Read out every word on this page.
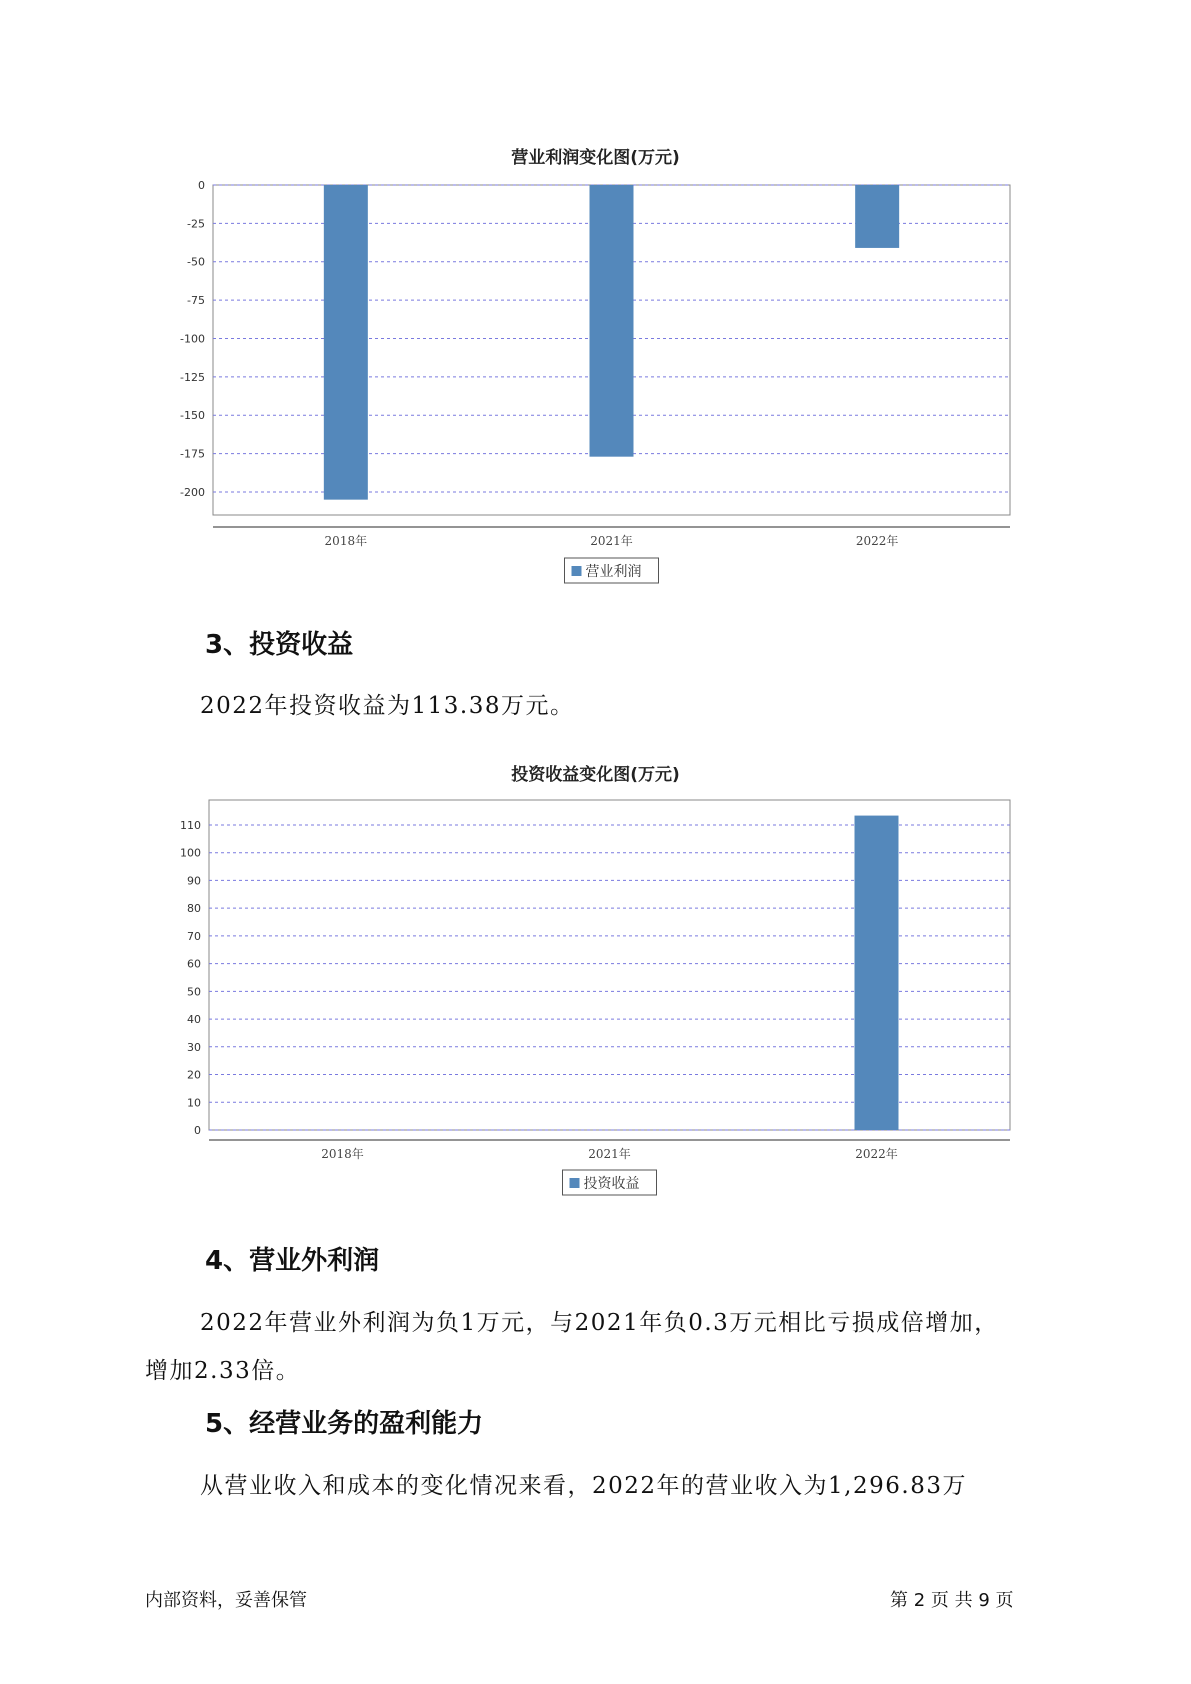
营业利润变化图(万元)
0
-25
-50
-75
-100
-125
-150
-175
-200
2018年	2021年	2022年
营业利润
3、投资收益
2022年投资收益为113.38万元。
投资收益变化图(万元)
0
10
20
30
40
50
60
70
80
90
100
110
2018年	2021年	2022年
投资收益
4、营业外利润
2022年营业外利润为负1万元，与2021年负0.3万元相比亏损成倍增加，
增加2.33倍。
5、经营业务的盈利能力
从营业收入和成本的变化情况来看，2022年的营业收入为1,296.83万
内部资料，妥善保管	第 2 页 共 9 页
